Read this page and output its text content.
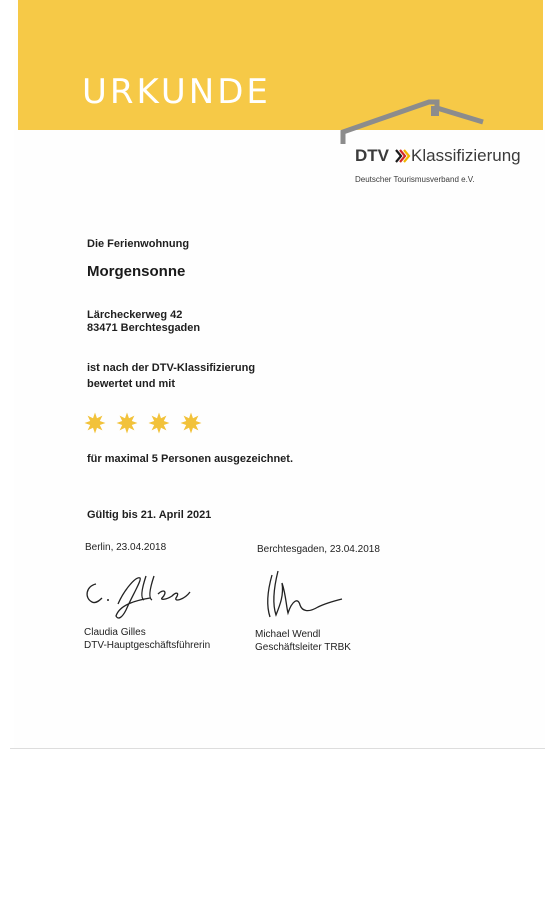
URKUNDE
DTV Klassifizierung
Deutscher Tourismusverband e.V.
Die Ferienwohnung
Morgensonne
Lärcheckerweg 42
83471 Berchtesgaden
ist nach der DTV-Klassifizierung
bewertet und mit
für maximal 5 Personen ausgezeichnet.
Gültig bis 21. April 2021
Berlin, 23.04.2018	Berchtesgaden, 23.04.2018
Claudia Gilles
DTV-Hauptgeschäftsführerin
Michael Wendl
Geschäftsleiter TRBK
